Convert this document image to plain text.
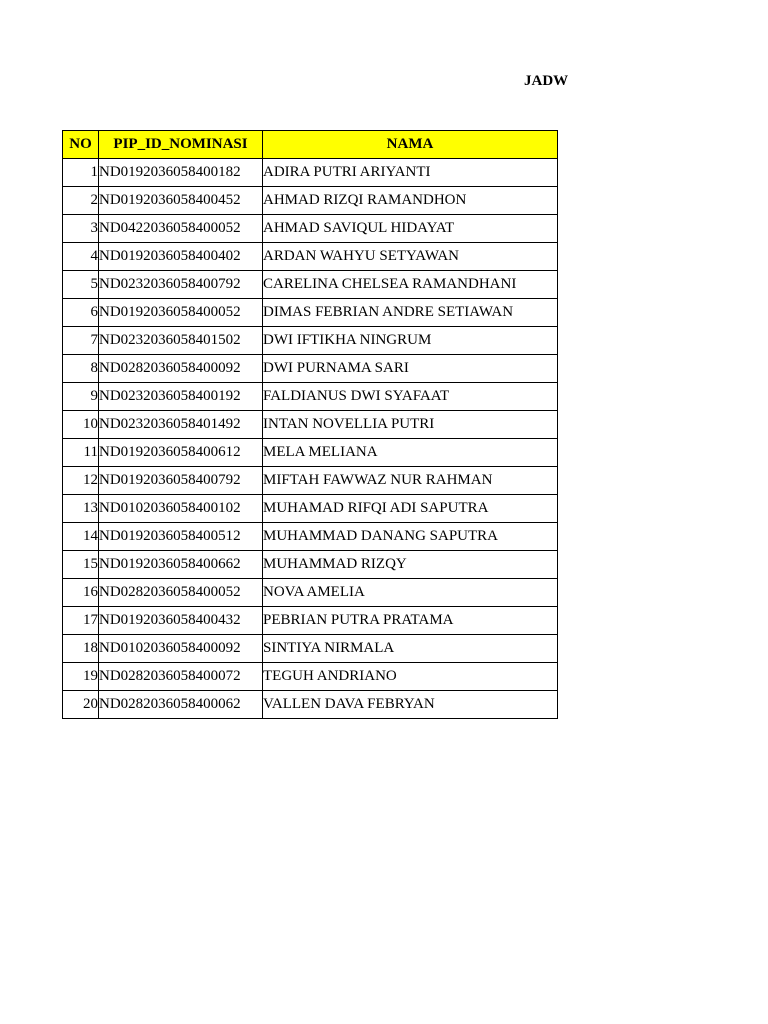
JADW
NO	PIP_ID_NOMINASI	NAMA
1	ND0192036058400182	ADIRA PUTRI ARIYANTI
2	ND0192036058400452	AHMAD RIZQI RAMANDHON
3	ND0422036058400052	AHMAD SAVIQUL HIDAYAT
4	ND0192036058400402	ARDAN WAHYU SETYAWAN
5	ND0232036058400792	CARELINA CHELSEA RAMANDHANI
6	ND0192036058400052	DIMAS FEBRIAN ANDRE SETIAWAN
7	ND0232036058401502	DWI IFTIKHA NINGRUM
8	ND0282036058400092	DWI PURNAMA SARI
9	ND0232036058400192	FALDIANUS DWI SYAFAAT
10	ND0232036058401492	INTAN NOVELLIA PUTRI
11	ND0192036058400612	MELA MELIANA
12	ND0192036058400792	MIFTAH FAWWAZ NUR RAHMAN
13	ND0102036058400102	MUHAMAD RIFQI ADI SAPUTRA
14	ND0192036058400512	MUHAMMAD DANANG SAPUTRA
15	ND0192036058400662	MUHAMMAD RIZQY
16	ND0282036058400052	NOVA AMELIA
17	ND0192036058400432	PEBRIAN PUTRA PRATAMA
18	ND0102036058400092	SINTIYA NIRMALA
19	ND0282036058400072	TEGUH ANDRIANO
20	ND0282036058400062	VALLEN DAVA FEBRYAN
